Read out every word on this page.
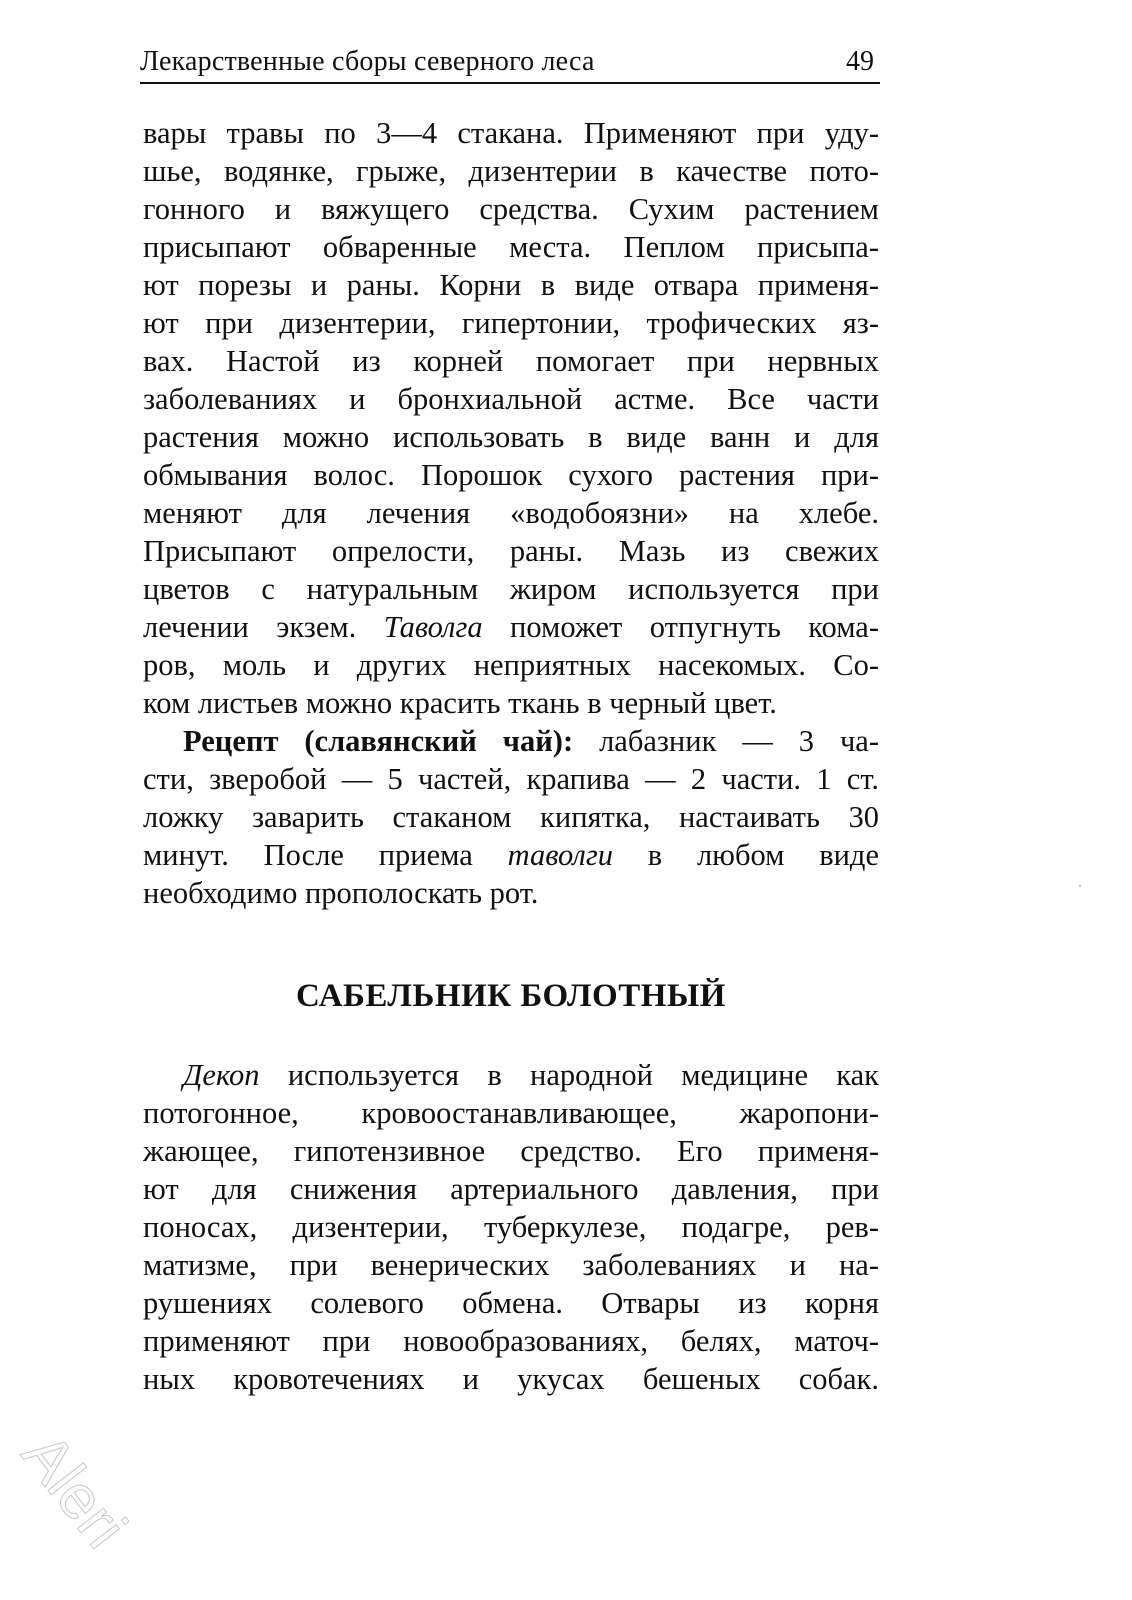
Лекарственные сборы северного леса	49
вары травы по 3—4 стакана. Применяют при уду-
шье, водянке, грыже, дизентерии в качестве пото-
гонного и вяжущего средства. Сухим растением
присыпают обваренные места. Пеплом присыпа-
ют порезы и раны. Корни в виде отвара применя-
ют при дизентерии, гипертонии, трофических яз-
вах. Настой из корней помогает при нервных
заболеваниях и бронхиальной астме. Все части
растения можно использовать в виде ванн и для
обмывания волос. Порошок сухого растения при-
меняют для лечения «водобоязни» на хлебе.
Присыпают опрелости, раны. Мазь из свежих
цветов с натуральным жиром используется при
лечении экзем. Таволга поможет отпугнуть кома-
ров, моль и других неприятных насекомых. Со-
ком листьев можно красить ткань в черный цвет.
Рецепт (славянский чай): лабазник — 3 ча-
сти, зверобой — 5 частей, крапива — 2 части. 1 ст.
ложку заварить стаканом кипятка, настаивать 30
минут. После приема таволги в любом виде
необходимо прополоскать рот.
САБЕЛЬНИК БОЛОТНЫЙ
Декоп используется в народной медицине как
потогонное, кровоостанавливающее, жаропони-
жающее, гипотензивное средство. Его применя-
ют для снижения артериального давления, при
поносах, дизентерии, туберкулезе, подагре, рев-
матизме, при венерических заболеваниях и на-
рушениях солевого обмена. Отвары из корня
применяют при новообразованиях, белях, маточ-
ных кровотечениях и укусах бешеных собак.
Aleri
